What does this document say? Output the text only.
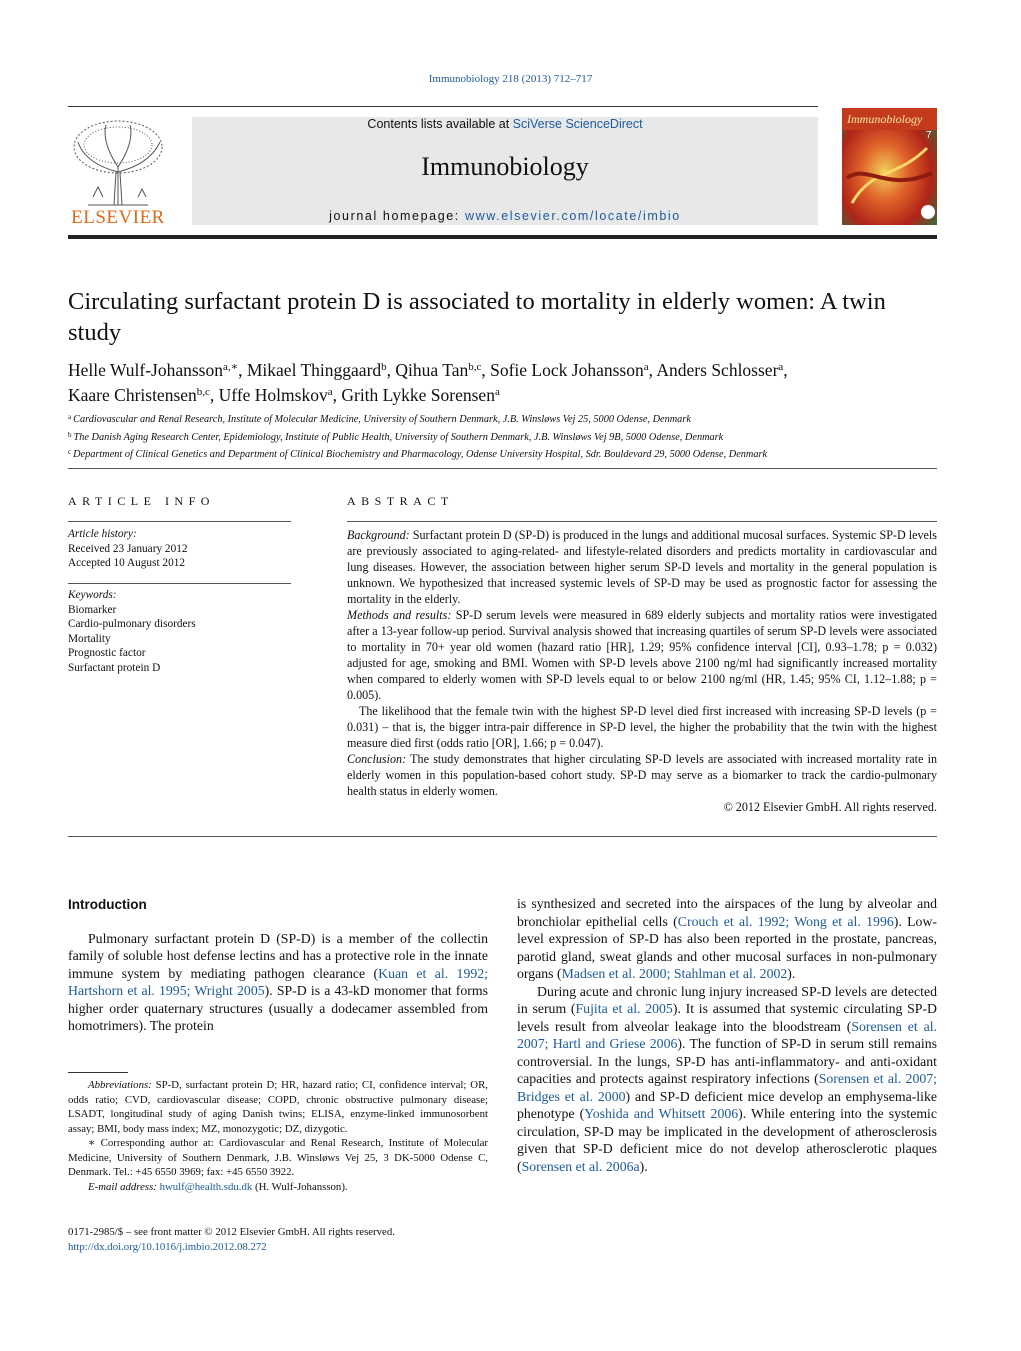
Immunobiology 218 (2013) 712–717
ELSEVIER
Contents lists available at SciVerse ScienceDirect
Immunobiology
journal homepage: www.elsevier.com/locate/imbio
Immunobiology
7
Circulating surfactant protein D is associated to mortality in elderly women: A twin study
Helle Wulf-Johansson$^{a,∗}$, Mikael Thinggaard$^b$, Qihua Tan$^{b,c}$, Sofie Lock Johansson$^a$, Anders Schlosser$^a$,
Kaare Christensen$^{b,c}$, Uffe Holmskov$^a$, Grith Lykke Sorensen$^a$
$^a$ Cardiovascular and Renal Research, Institute of Molecular Medicine, University of Southern Denmark, J.B. Winsløws Vej 25, 5000 Odense, Denmark
$^b$ The Danish Aging Research Center, Epidemiology, Institute of Public Health, University of Southern Denmark, J.B. Winsløws Vej 9B, 5000 Odense, Denmark
$^c$ Department of Clinical Genetics and Department of Clinical Biochemistry and Pharmacology, Odense University Hospital, Sdr. Bouldevard 29, 5000 Odense, Denmark
ARTICLE INFO	ABSTRACT
Article history:
Received 23 January 2012
Accepted 10 August 2012
Keywords:
Biomarker
Cardio-pulmonary disorders
Mortality
Prognostic factor
Surfactant protein D

Background: Surfactant protein D (SP-D) is produced in the lungs and additional mucosal surfaces. Systemic SP-D levels are previously associated to aging-related- and lifestyle-related disorders and predicts mortality in cardiovascular and lung diseases. However, the association between higher serum SP-D levels and mortality in the general population is unknown. We hypothesized that increased systemic levels of SP-D may be used as prognostic factor for assessing the mortality in the elderly.

Methods and results: SP-D serum levels were measured in 689 elderly subjects and mortality ratios were investigated after a 13-year follow-up period. Survival analysis showed that increasing quartiles of serum SP-D levels were associated to mortality in 70+ year old women (hazard ratio [HR], 1.29; 95% confidence interval [CI], 0.93–1.78; p = 0.032) adjusted for age, smoking and BMI. Women with SP-D levels above 2100 ng/ml had significantly increased mortality when compared to elderly women with SP-D levels equal to or below 2100 ng/ml (HR, 1.45; 95% CI, 1.12–1.88; p = 0.005).

The likelihood that the female twin with the highest SP-D level died first increased with increasing SP-D levels (p = 0.031) – that is, the bigger intra-pair difference in SP-D level, the higher the probability that the twin with the highest measure died first (odds ratio [OR], 1.66; p = 0.047).

Conclusion: The study demonstrates that higher circulating SP-D levels are associated with increased mortality rate in elderly women in this population-based cohort study. SP-D may serve as a biomarker to track the cardio-pulmonary health status in elderly women.

© 2012 Elsevier GmbH. All rights reserved.

Introduction

Pulmonary surfactant protein D (SP-D) is a member of the collectin family of soluble host defense lectins and has a protective role in the innate immune system by mediating pathogen clearance (Kuan et al. 1992; Hartshorn et al. 1995; Wright 2005). SP-D is a 43-kD monomer that forms higher order quaternary structures (usually a dodecamer assembled from homotrimers). The protein

is synthesized and secreted into the airspaces of the lung by alveolar and bronchiolar epithelial cells (Crouch et al. 1992; Wong et al. 1996). Low-level expression of SP-D has also been reported in the prostate, pancreas, parotid gland, sweat glands and other mucosal surfaces in non-pulmonary organs (Madsen et al. 2000; Stahlman et al. 2002).

During acute and chronic lung injury increased SP-D levels are detected in serum (Fujita et al. 2005). It is assumed that systemic circulating SP-D levels result from alveolar leakage into the bloodstream (Sorensen et al. 2007; Hartl and Griese 2006). The function of SP-D in serum still remains controversial. In the lungs, SP-D has anti-inflammatory- and anti-oxidant capacities and protects against respiratory infections (Sorensen et al. 2007; Bridges et al. 2000) and SP-D deficient mice develop an emphysema-like phenotype (Yoshida and Whitsett 2006). While entering into the systemic circulation, SP-D may be implicated in the development of atherosclerosis given that SP-D deficient mice do not develop atherosclerotic plaques (Sorensen et al. 2006a).

Abbreviations: SP-D, surfactant protein D; HR, hazard ratio; CI, confidence interval; OR, odds ratio; CVD, cardiovascular disease; COPD, chronic obstructive pulmonary disease; LSADT, longitudinal study of aging Danish twins; ELISA, enzyme-linked immunosorbent assay; BMI, body mass index; MZ, monozygotic; DZ, dizygotic.

∗ Corresponding author at: Cardiovascular and Renal Research, Institute of Molecular Medicine, University of Southern Denmark, J.B. Winsløws Vej 25, 3 DK-5000 Odense C, Denmark. Tel.: +45 6550 3969; fax: +45 6550 3922.

E-mail address: hwulf@health.sdu.dk (H. Wulf-Johansson).

0171-2985/$ – see front matter © 2012 Elsevier GmbH. All rights reserved.
http://dx.doi.org/10.1016/j.imbio.2012.08.272
